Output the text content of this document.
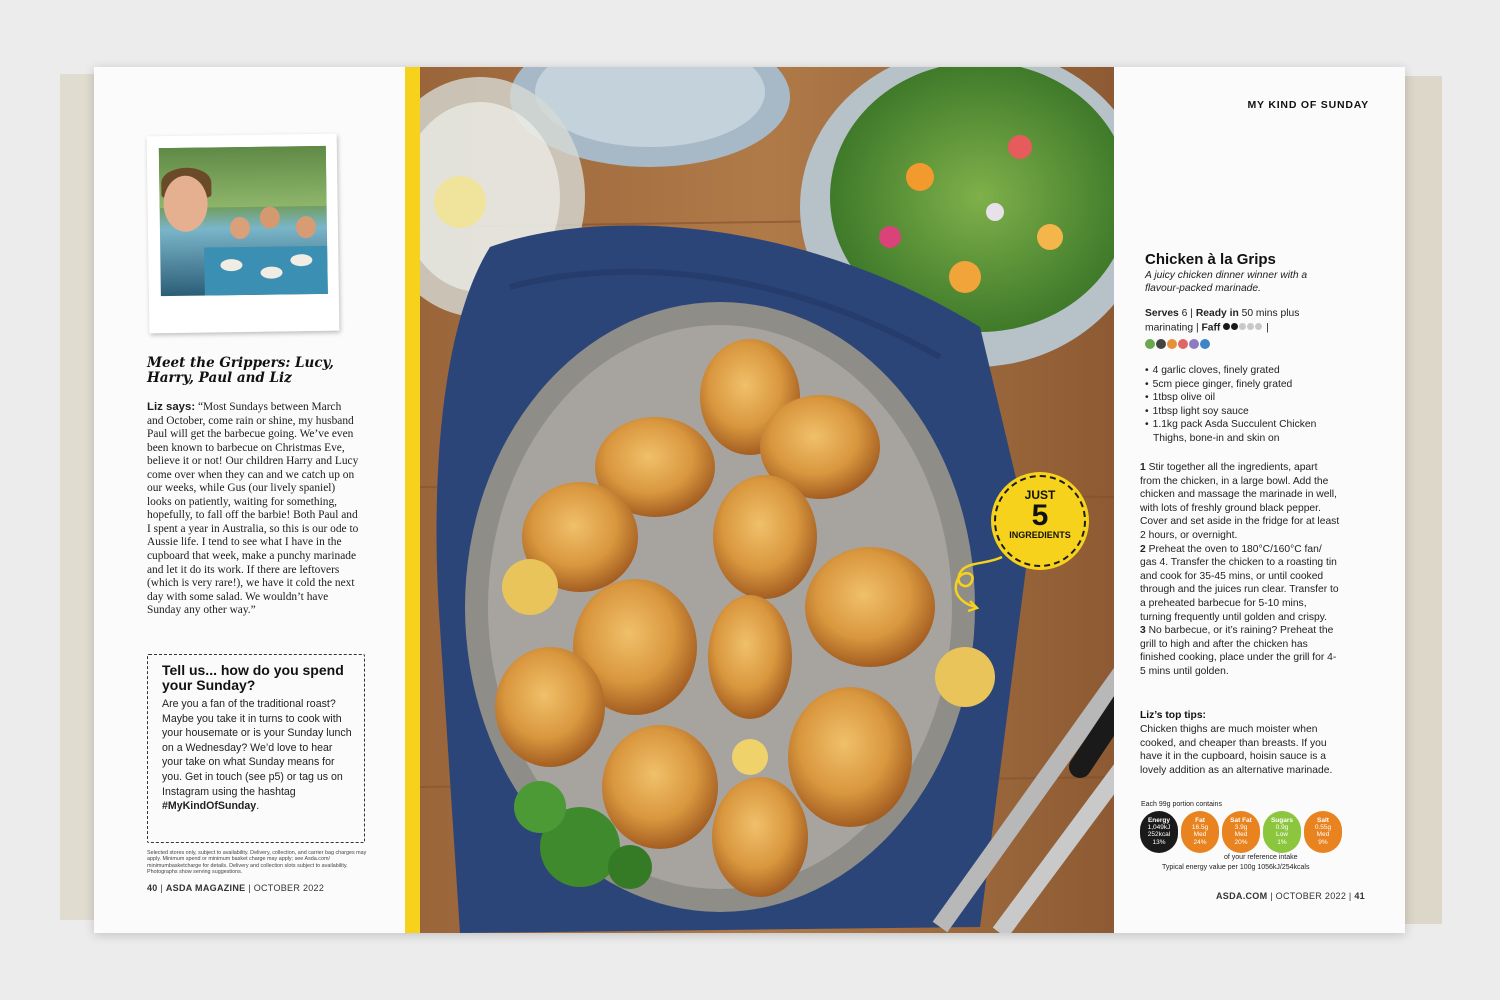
Meet the Grippers: Lucy, Harry, Paul and Liz
Liz says: “Most Sundays between March and October, come rain or shine, my husband Paul will get the barbecue going. We’ve even been known to barbecue on Christmas Eve, believe it or not! Our children Harry and Lucy come over when they can and we catch up on our weeks, while Gus (our lively spaniel) looks on patiently, waiting for something, hopefully, to fall off the barbie! Both Paul and I spent a year in Australia, so this is our ode to Aussie life. I tend to see what I have in the cupboard that week, make a punchy marinade and let it do its work. If there are leftovers (which is very rare!), we have it cold the next day with some salad. We wouldn’t have Sunday any other way.”
Tell us... how do you spend your Sunday?
Are you a fan of the traditional roast? Maybe you take it in turns to cook with your housemate or is your Sunday lunch on a Wednesday? We’d love to hear your take on what Sunday means for you. Get in touch (see p5) or tag us on Instagram using the hashtag #MyKindOfSunday.
Selected stores only, subject to availability. Delivery, collection, and carrier bag charges may apply. Minimum spend or minimum basket charge may apply; see Asda.com/ minimumbasketcharge for details. Delivery and collection slots subject to availability. Photographs show serving suggestions.
40 | ASDA MAGAZINE | OCTOBER 2022
JUST
5
INGREDIENTS
MY KIND OF SUNDAY
Chicken à la Grips
A juicy chicken dinner winner with a flavour-packed marinade.
Serves 6 | Ready in 50 mins plus marinating | Faff	|
• 4 garlic cloves, finely grated
• 5cm piece ginger, finely grated
• 1tbsp olive oil
• 1tbsp light soy sauce
• 1.1kg pack Asda Succulent Chicken Thighs, bone-in and skin on

1 Stir together all the ingredients, apart from the chicken, in a large bowl. Add the chicken and massage the marinade in well, with lots of freshly ground black pepper. Cover and set aside in the fridge for at least 2 hours, or overnight.

2 Preheat the oven to 180°C/160°C fan/ gas 4. Transfer the chicken to a roasting tin and cook for 35-45 mins, or until cooked through and the juices run clear. Transfer to a preheated barbecue for 5-10 mins, turning frequently until golden and crispy.

3 No barbecue, or it’s raining? Preheat the grill to high and after the chicken has finished cooking, place under the grill for 4-5 mins until golden.

Liz’s top tips:
Chicken thighs are much moister when cooked, and cheaper than breasts. If you have it in the cupboard, hoisin sauce is a lovely addition as an alternative marinade.
Each 99g portion contains
Energy
1,049kJ
252kcal
13%
Fat
16.5g
Med
24%
Sat Fat
3.9g
Med
20%
Sugars
0.9g
Low
1%
Salt
0.55g
Med
9%
of your reference intake
Typical energy value per 100g 1056kJ/254kcals
ASDA.COM | OCTOBER 2022 | 41
